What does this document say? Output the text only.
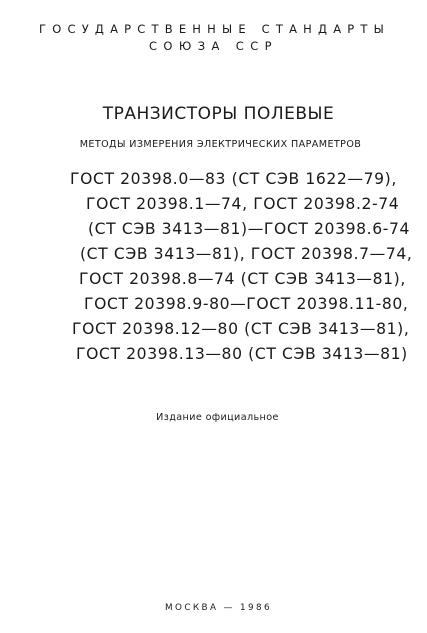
ГОСУДАРСТВЕННЫЕ СТАНДАРТЫ
СОЮЗА ССР
ТРАНЗИСТОРЫ ПОЛЕВЫЕ
МЕТОДЫ ИЗМЕРЕНИЯ ЭЛЕКТРИЧЕСКИХ ПАРАМЕТРОВ
ГОСТ 20398.0—83 (СТ СЭВ 1622—79),
ГОСТ 20398.1—74, ГОСТ 20398.2-74
(СТ СЭВ 3413—81)—ГОСТ 20398.6-74
(СТ СЭВ 3413—81), ГОСТ 20398.7—74,
ГОСТ 20398.8—74 (СТ СЭВ 3413—81),
ГОСТ 20398.9-80—ГОСТ 20398.11-80,
ГОСТ 20398.12—80 (СТ СЭВ 3413—81),
ГОСТ 20398.13—80 (СТ СЭВ 3413—81)
Издание официальное
МОСКВА — 1986
